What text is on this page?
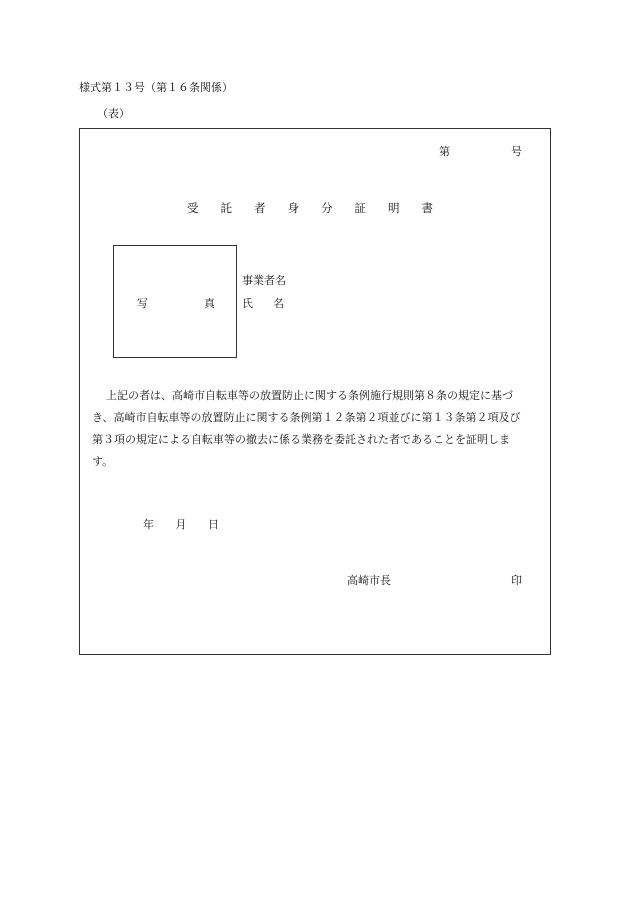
様式第１３号（第１６条関係）
（表）
第	号
受託者身分証明書
写	真
事業者名
氏名
上記の者は、高崎市自転車等の放置防止に関する条例施行規則第８条の規定に基づ
き、高崎市自転車等の放置防止に関する条例第１２条第２項並びに第１３条第２項及び
第３項の規定による自転車等の撤去に係る業務を委託された者であることを証明しま
す。
年 月 日
高崎市長	印
